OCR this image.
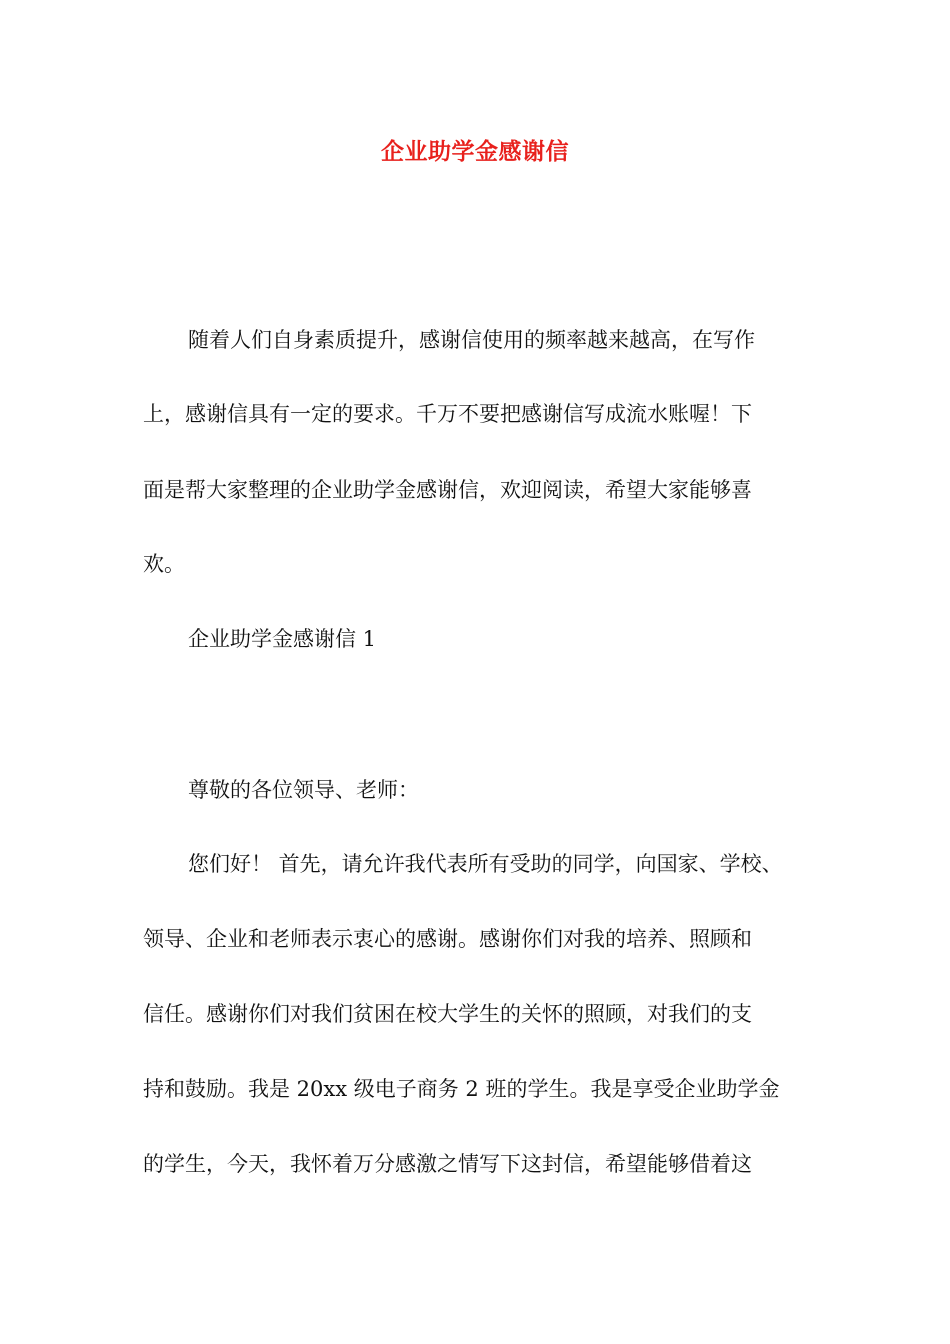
企业助学金感谢信
随着人们自身素质提升，感谢信使用的频率越来越高，在写作
上，感谢信具有一定的要求。千万不要把感谢信写成流水账喔！下
面是帮大家整理的企业助学金感谢信，欢迎阅读，希望大家能够喜
欢。
企业助学金感谢信 1
尊敬的各位领导、老师：
您们好！ 首先，请允许我代表所有受助的同学，向国家、学校、
领导、企业和老师表示衷心的感谢。感谢你们对我的培养、照顾和
信任。感谢你们对我们贫困在校大学生的关怀的照顾，对我们的支
持和鼓励。我是 20xx 级电子商务 2 班的学生。我是享受企业助学金
的学生，今天，我怀着万分感激之情写下这封信，希望能够借着这
